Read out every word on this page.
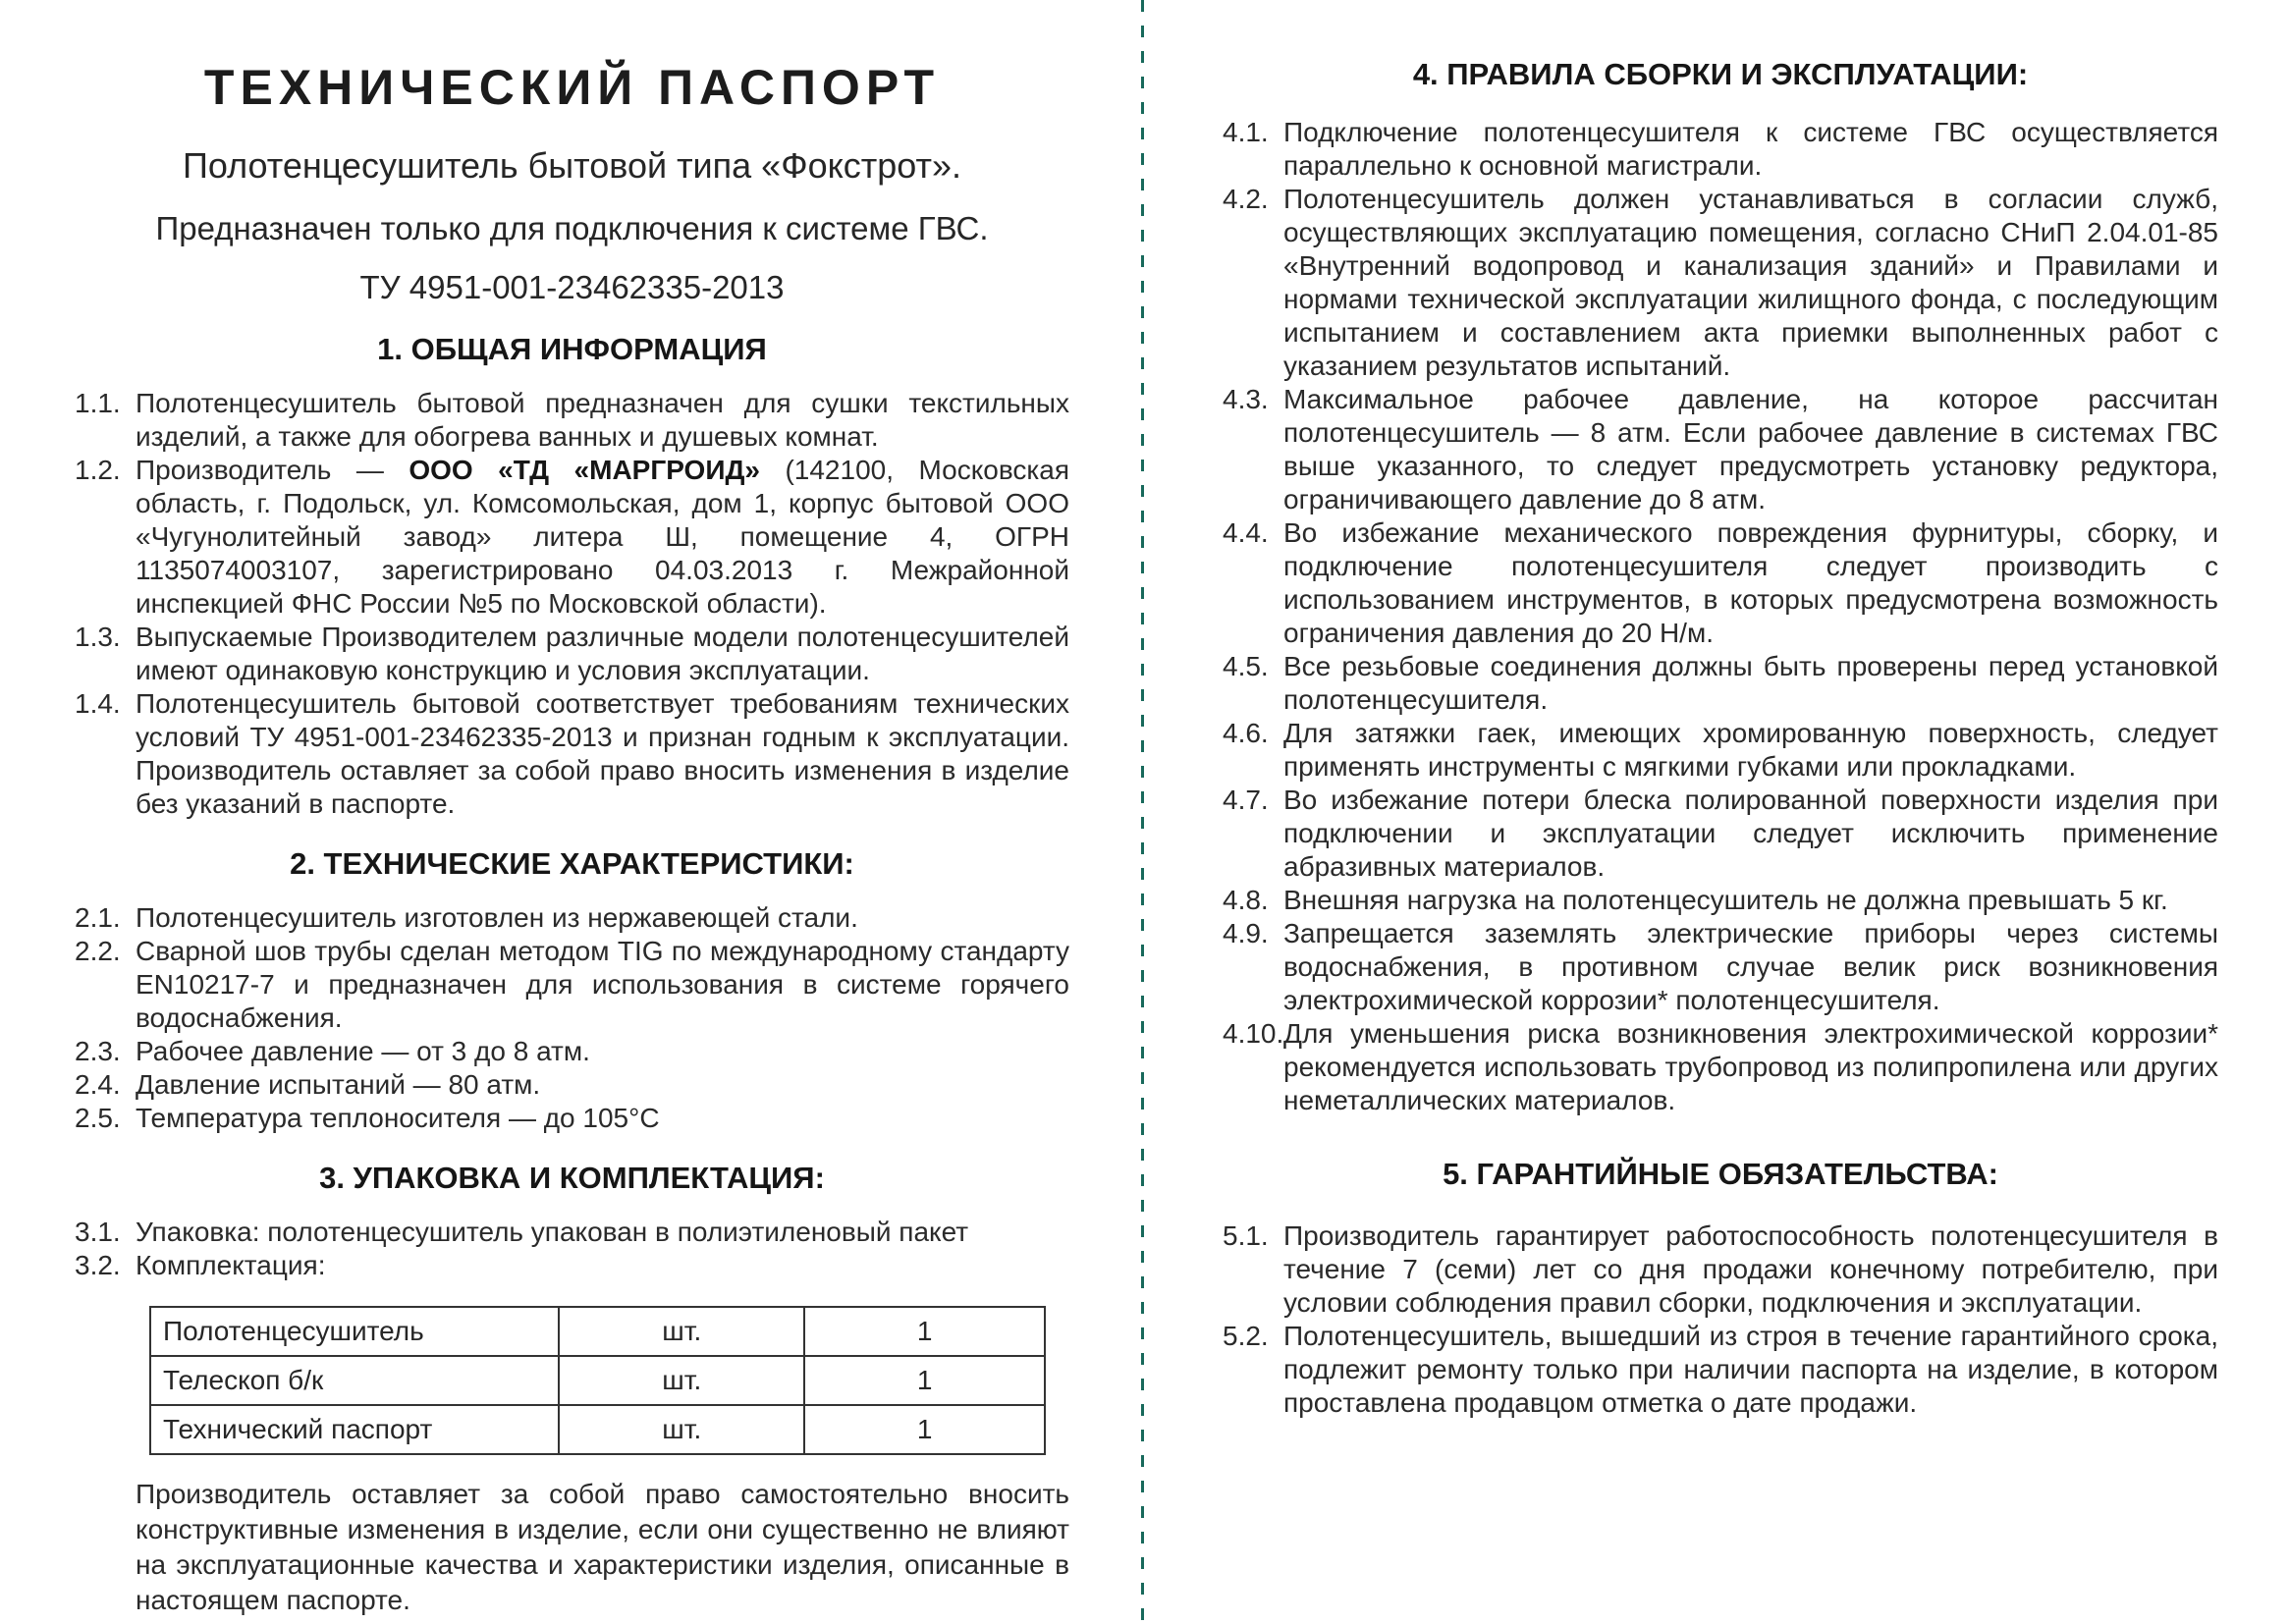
ТЕХНИЧЕСКИЙ ПАСПОРТ

Полотенцесушитель бытовой типа «Фокстрот».

Предназначен только для подключения к системе ГВС.

ТУ 4951-001-23462335-2013

1. ОБЩАЯ ИНФОРМАЦИЯ
1.1. Полотенцесушитель бытовой предназначен для сушки текстильных изделий, а также для обогрева ванных и душевых комнат.

1.2. Производитель — ООО «ТД «МАРГРОИД» (142100, Московская область, г. Подольск, ул. Комсомольская, дом 1, корпус бытовой ООО «Чугунолитейный завод» литера Ш, помещение 4, ОГРН 1135074003107, зарегистрировано 04.03.2013 г. Межрайонной инспекцией ФНС России №5 по Московской области).

1.3. Выпускаемые Производителем различные модели полотенцесушителей имеют одинаковую конструкцию и условия эксплуатации.

1.4. Полотенцесушитель бытовой соответствует требованиям технических условий ТУ 4951-001-23462335-2013 и признан годным к эксплуатации. Производитель оставляет за собой право вносить изменения в изделие без указаний в паспорте.

2. ТЕХНИЧЕСКИЕ ХАРАКТЕРИСТИКИ:
2.1. Полотенцесушитель изготовлен из нержавеющей стали.

2.2. Сварной шов трубы сделан методом TIG по международному стандарту EN10217-7 и предназначен для использования в системе горячего водоснабжения.

2.3. Рабочее давление — от 3 до 8 атм.

2.4. Давление испытаний — 80 атм.

2.5. Температура теплоносителя — до 105°С

3. УПАКОВКА И КОМПЛЕКТАЦИЯ:
3.1. Упаковка: полотенцесушитель упакован в полиэтиленовый пакет

3.2. Комплектация:

Полотенцесушитель	шт.	1
Телескоп б/к	шт.	1
Технический паспорт	шт.	1

Производитель оставляет за собой право самостоятельно вносить конструктивные изменения в изделие, если они существенно не влияют на эксплуатационные качества и характеристики изделия, описанные в настоящем паспорте.

4. ПРАВИЛА СБОРКИ И ЭКСПЛУАТАЦИИ:
4.1. Подключение полотенцесушителя к системе ГВС осуществляется параллельно к основной магистрали.

4.2. Полотенцесушитель должен устанавливаться в согласии служб, осуществляющих эксплуатацию помещения, согласно СНиП 2.04.01-85 «Внутренний водопровод и канализация зданий» и Правилами и нормами технической эксплуатации жилищного фонда, с последующим испытанием и составлением акта приемки выполненных работ с указанием результатов испытаний.

4.3. Максимальное рабочее давление, на которое рассчитан полотенцесушитель — 8 атм. Если рабочее давление в системах ГВС выше указанного, то следует предусмотреть установку редуктора, ограничивающего давление до 8 атм.

4.4. Во избежание механического повреждения фурнитуры, сборку, и подключение полотенцесушителя следует производить с использованием инструментов, в которых предусмотрена возможность ограничения давления до 20 Н/м.

4.5. Все резьбовые соединения должны быть проверены перед установкой полотенцесушителя.

4.6. Для затяжки гаек, имеющих хромированную поверхность, следует применять инструменты с мягкими губками или прокладками.

4.7. Во избежание потери блеска полированной поверхности изделия при подключении и эксплуатации следует исключить применение абразивных материалов.

4.8. Внешняя нагрузка на полотенцесушитель не должна превышать 5 кг.

4.9. Запрещается заземлять электрические приборы через системы водоснабжения, в противном случае велик риск возникновения электрохимической коррозии* полотенцесушителя.

4.10. Для уменьшения риска возникновения электрохимической коррозии* рекомендуется использовать трубопровод из полипропилена или других неметаллических материалов.

5. ГАРАНТИЙНЫЕ ОБЯЗАТЕЛЬСТВА:
5.1. Производитель гарантирует работоспособность полотенцесушителя в течение 7 (семи) лет со дня продажи конечному потребителю, при условии соблюдения правил сборки, подключения и эксплуатации.

5.2. Полотенцесушитель, вышедший из строя в течение гарантийного срока, подлежит ремонту только при наличии паспорта на изделие, в котором проставлена продавцом отметка о дате продажи.
